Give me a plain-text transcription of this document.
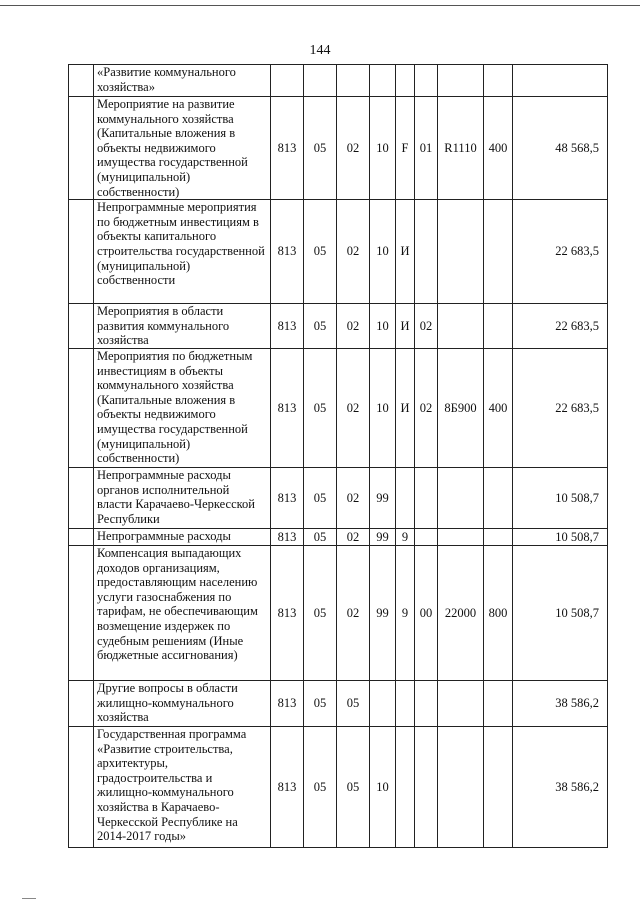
144
	«Развитие коммунального хозяйства»									
	Мероприятие на развитие коммунального хозяйства (Капитальные вложения в объекты недвижимого имущества государственной (муниципальной) собственности)	813	05	02	10	F	01	R1110	400	48 568,5
	Непрограммные мероприятия по бюджетным инвестициям в объекты капитального строительства государственной (муниципальной) собственности	813	05	02	10	И				22 683,5
	Мероприятия в области развития коммунального хозяйства	813	05	02	10	И	02			22 683,5
	Мероприятия по бюджетным инвестициям в объекты коммунального хозяйства (Капитальные вложения в объекты недвижимого имущества государственной (муниципальной) собственности)	813	05	02	10	И	02	8Б900	400	22 683,5
	Непрограммные расходы органов исполнительной власти Карачаево-Черкесской Республики	813	05	02	99					10 508,7
	Непрограммные расходы	813	05	02	99	9				10 508,7
	Компенсация выпадающих доходов организациям, предоставляющим населению услуги газоснабжения по тарифам, не обеспечивающим возмещение издержек по судебным решениям (Иные бюджетные ассигнования)	813	05	02	99	9	00	22000	800	10 508,7
	Другие вопросы в области жилищно-коммунального хозяйства	813	05	05						38 586,2
	Государственная программа «Развитие строительства, архитектуры, градостроительства и жилищно-коммунального хозяйства в Карачаево-Черкесской Республике на 2014-2017 годы»	813	05	05	10					38 586,2
